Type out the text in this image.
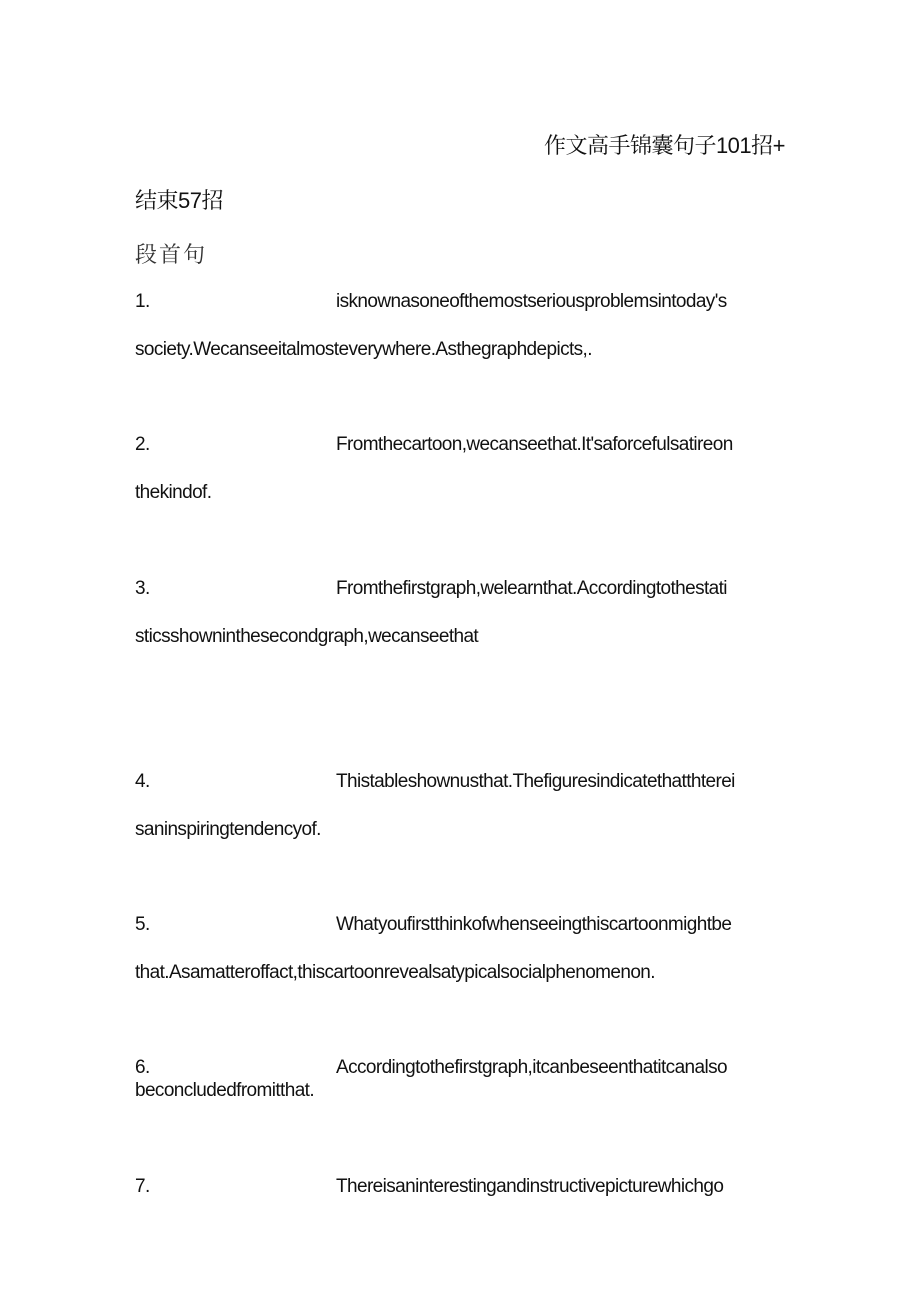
作文高手锦囊句子101招+
结束57招
段首句
1.	isknownasoneofthemostseriousproblemsintoday's
society.Wecanseeitalmosteverywhere.Asthegraphdepicts,.
2.	Fromthecartoon,wecanseethat.It'saforcefulsatireon
thekindof.
3.	Fromthefirstgraph,welearnthat.Accordingtothestati
sticsshowninthesecondgraph,wecanseethat
4.	Thistableshownusthat.Thefiguresindicatethatthterei
saninspiringtendencyof.
5.	Whatyoufirstthinkofwhenseeingthiscartoonmightbe
that.Asamatteroffact,thiscartoonrevealsatypicalsocialphenomenon.
6.	Accordingtothefirstgraph,itcanbeseenthatitcanalso
beconcludedfromitthat.
7.	Thereisaninterestingandinstructivepicturewhichgo
